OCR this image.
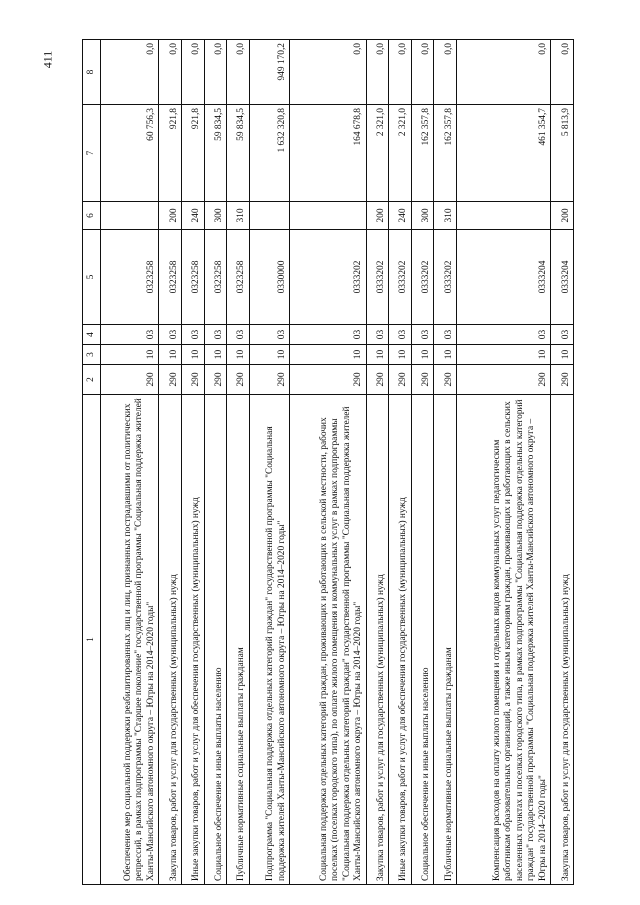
411
1	2	3	4	5	6	7	8
Обеспечение мер социальной поддержки реабилитированных лиц и лиц, признанных пострадавшими от политических репрессий, в рамках подпрограммы "Старшее поколение" государственной программы "Социальная поддержка жителей Ханты-Мансийского автономного округа – Югры на 2014–2020 годы"	290	10	03	0323258		60 756,3	0,0
Закупка товаров, работ и услуг для государственных (муниципальных) нужд	290	10	03	0323258	200	921,8	0,0
Иные закупки товаров, работ и услуг для обеспечения государственных (муниципальных) нужд	290	10	03	0323258	240	921,8	0,0
Социальное обеспечение и иные выплаты населению	290	10	03	0323258	300	59 834,5	0,0
Публичные нормативные социальные выплаты гражданам	290	10	03	0323258	310	59 834,5	0,0
Подпрограмма "Социальная поддержка отдельных категорий граждан" государственной программы "Социальная поддержка жителей Ханты-Мансийского автономного округа – Югры на 2014–2020 годы"	290	10	03	0330000		1 632 320,8	949 170,2
Социальная поддержка отдельных категорий граждан, проживающих и работающих в сельской местности, рабочих поселках (поселках городского типа), по оплате жилого помещения и коммунальных услуг в рамках подпрограммы "Социальная поддержка отдельных категорий граждан" государственной программы "Социальная поддержка жителей Ханты-Мансийского автономного округа – Югры на 2014–2020 годы"	290	10	03	0333202		164 678,8	0,0
Закупка товаров, работ и услуг для государственных (муниципальных) нужд	290	10	03	0333202	200	2 321,0	0,0
Иные закупки товаров, работ и услуг для обеспечения государственных (муниципальных) нужд	290	10	03	0333202	240	2 321,0	0,0
Социальное обеспечение и иные выплаты населению	290	10	03	0333202	300	162 357,8	0,0
Публичные нормативные социальные выплаты гражданам	290	10	03	0333202	310	162 357,8	0,0
Компенсация расходов на оплату жилого помещения и отдельных видов коммунальных услуг педагогическим работникам образовательных организаций, а также иным категориям граждан, проживающих и работающих в сельских населенных пунктах и поселках городского типа, в рамках подпрограммы "Социальная поддержка отдельных категорий граждан" государственной программы "Социальная поддержка жителей Ханты-Мансийского автономного округа – Югры на 2014–2020 годы"	290	10	03	0333204		461 354,7	0,0
Закупка товаров, работ и услуг для государственных (муниципальных) нужд	290	10	03	0333204	200	5 813,9	0,0
